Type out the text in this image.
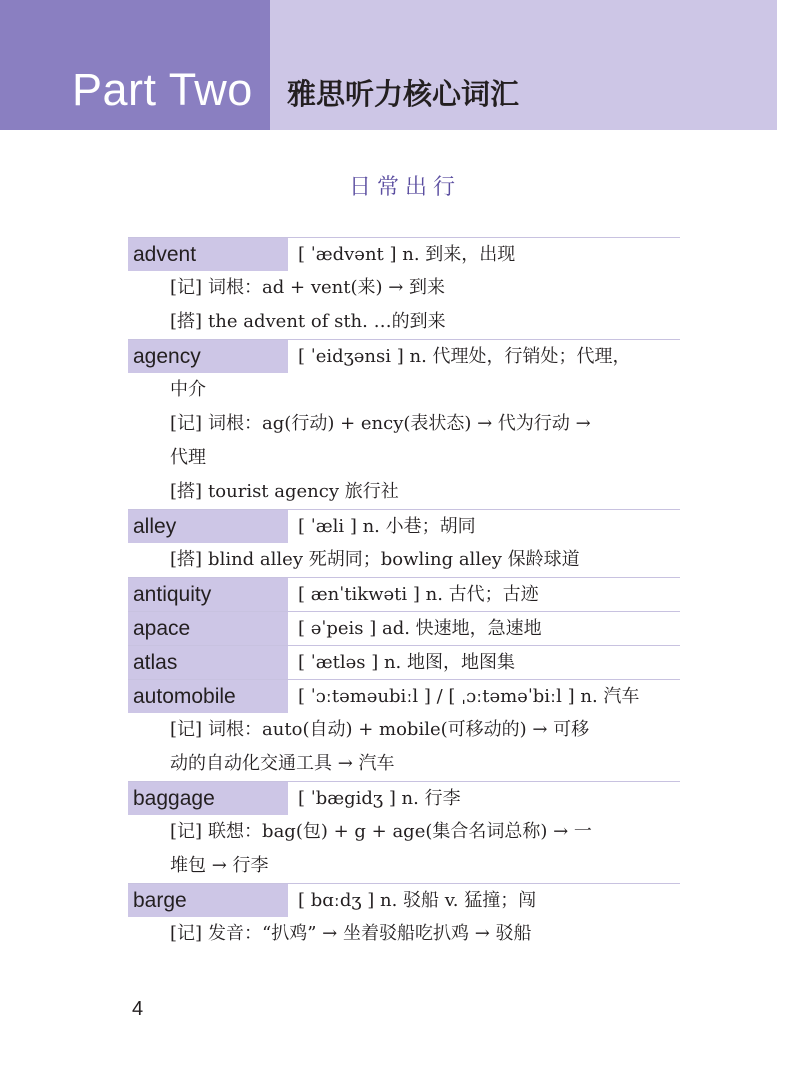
Part Two 雅思听力核心词汇
日常出行
advent	[ ˈædvənt ] n. 到来，出现
[记] 词根：ad + vent(来) → 到来
[搭] the advent of sth. …的到来
agency	[ ˈeidʒənsi ] n. 代理处，行销处；代理，
中介
[记] 词根：ag(行动) + ency(表状态) → 代为行动 →
代理
[搭] tourist agency 旅行社
alley	[ ˈæli ] n. 小巷；胡同
[搭] blind alley 死胡同；bowling alley 保龄球道
antiquity	[ ænˈtikwəti ] n. 古代；古迹
apace	[ əˈpeis ] ad. 快速地，急速地
atlas	[ ˈætləs ] n. 地图，地图集
automobile	[ ˈɔːtəməubiːl ] / [ ˌɔːtəməˈbiːl ] n. 汽车
[记] 词根：auto(自动) + mobile(可移动的) → 可移
动的自动化交通工具 → 汽车
baggage	[ ˈbægidʒ ] n. 行李
[记] 联想：bag(包) + g + age(集合名词总称) → 一
堆包 → 行李
barge	[ bɑːdʒ ] n. 驳船 v. 猛撞；闯
[记] 发音：“扒鸡” → 坐着驳船吃扒鸡 → 驳船
4
